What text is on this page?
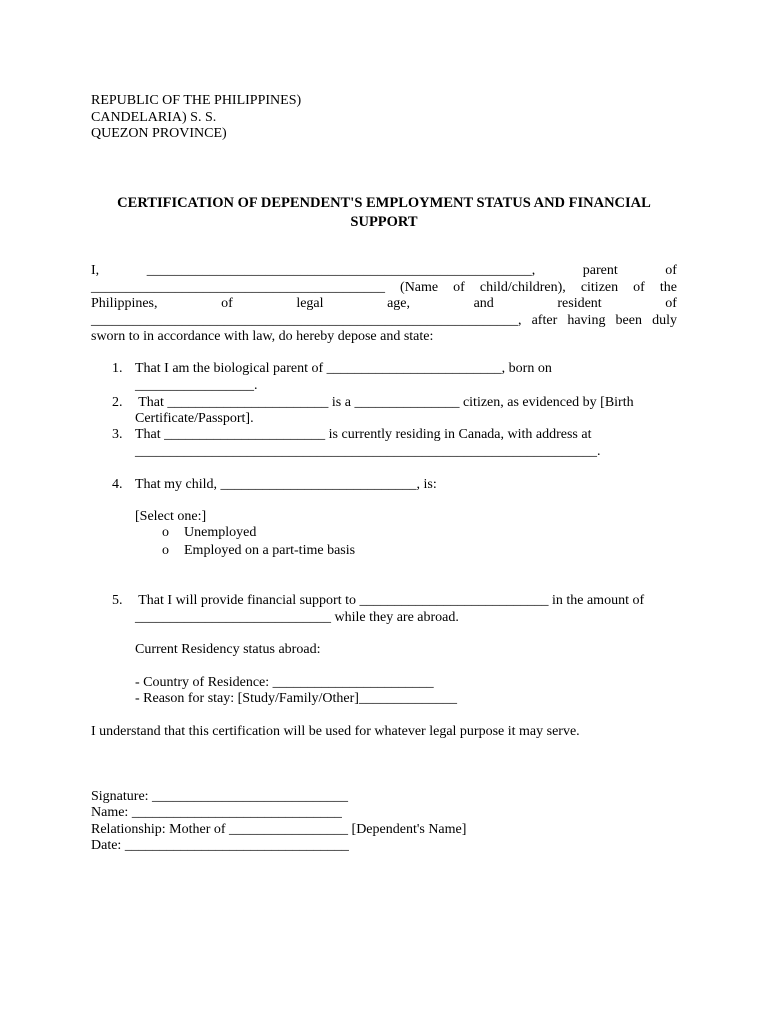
REPUBLIC OF THE PHILIPPINES)
CANDELARIA) S. S.
QUEZON PROVINCE)
CERTIFICATION OF DEPENDENT'S EMPLOYMENT STATUS AND FINANCIAL
SUPPORT
I,	_______________________________________________________,	parent	of
__________________________________________ (Name of child/children), citizen of the
Philippines,	of	legal	age,	and	resident	of
_____________________________________________________________, after having been duly
sworn to in accordance with law, do hereby depose and state:
1. That I am the biological parent of _________________________, born on
_________________.
2. That _______________________ is a _______________ citizen, as evidenced by [Birth
Certificate/Passport].
3. That _______________________ is currently residing in Canada, with address at
__________________________________________________________________.
4. That my child, ____________________________, is:
[Select one:]
o Unemployed
o Employed on a part-time basis
5. That I will provide financial support to ___________________________ in the amount of
____________________________ while they are abroad.
Current Residency status abroad:
- Country of Residence: _______________________
- Reason for stay: [Study/Family/Other]______________
I understand that this certification will be used for whatever legal purpose it may serve.
Signature: ____________________________
Name: ______________________________
Relationship: Mother of _________________ [Dependent's Name]
Date: ________________________________
